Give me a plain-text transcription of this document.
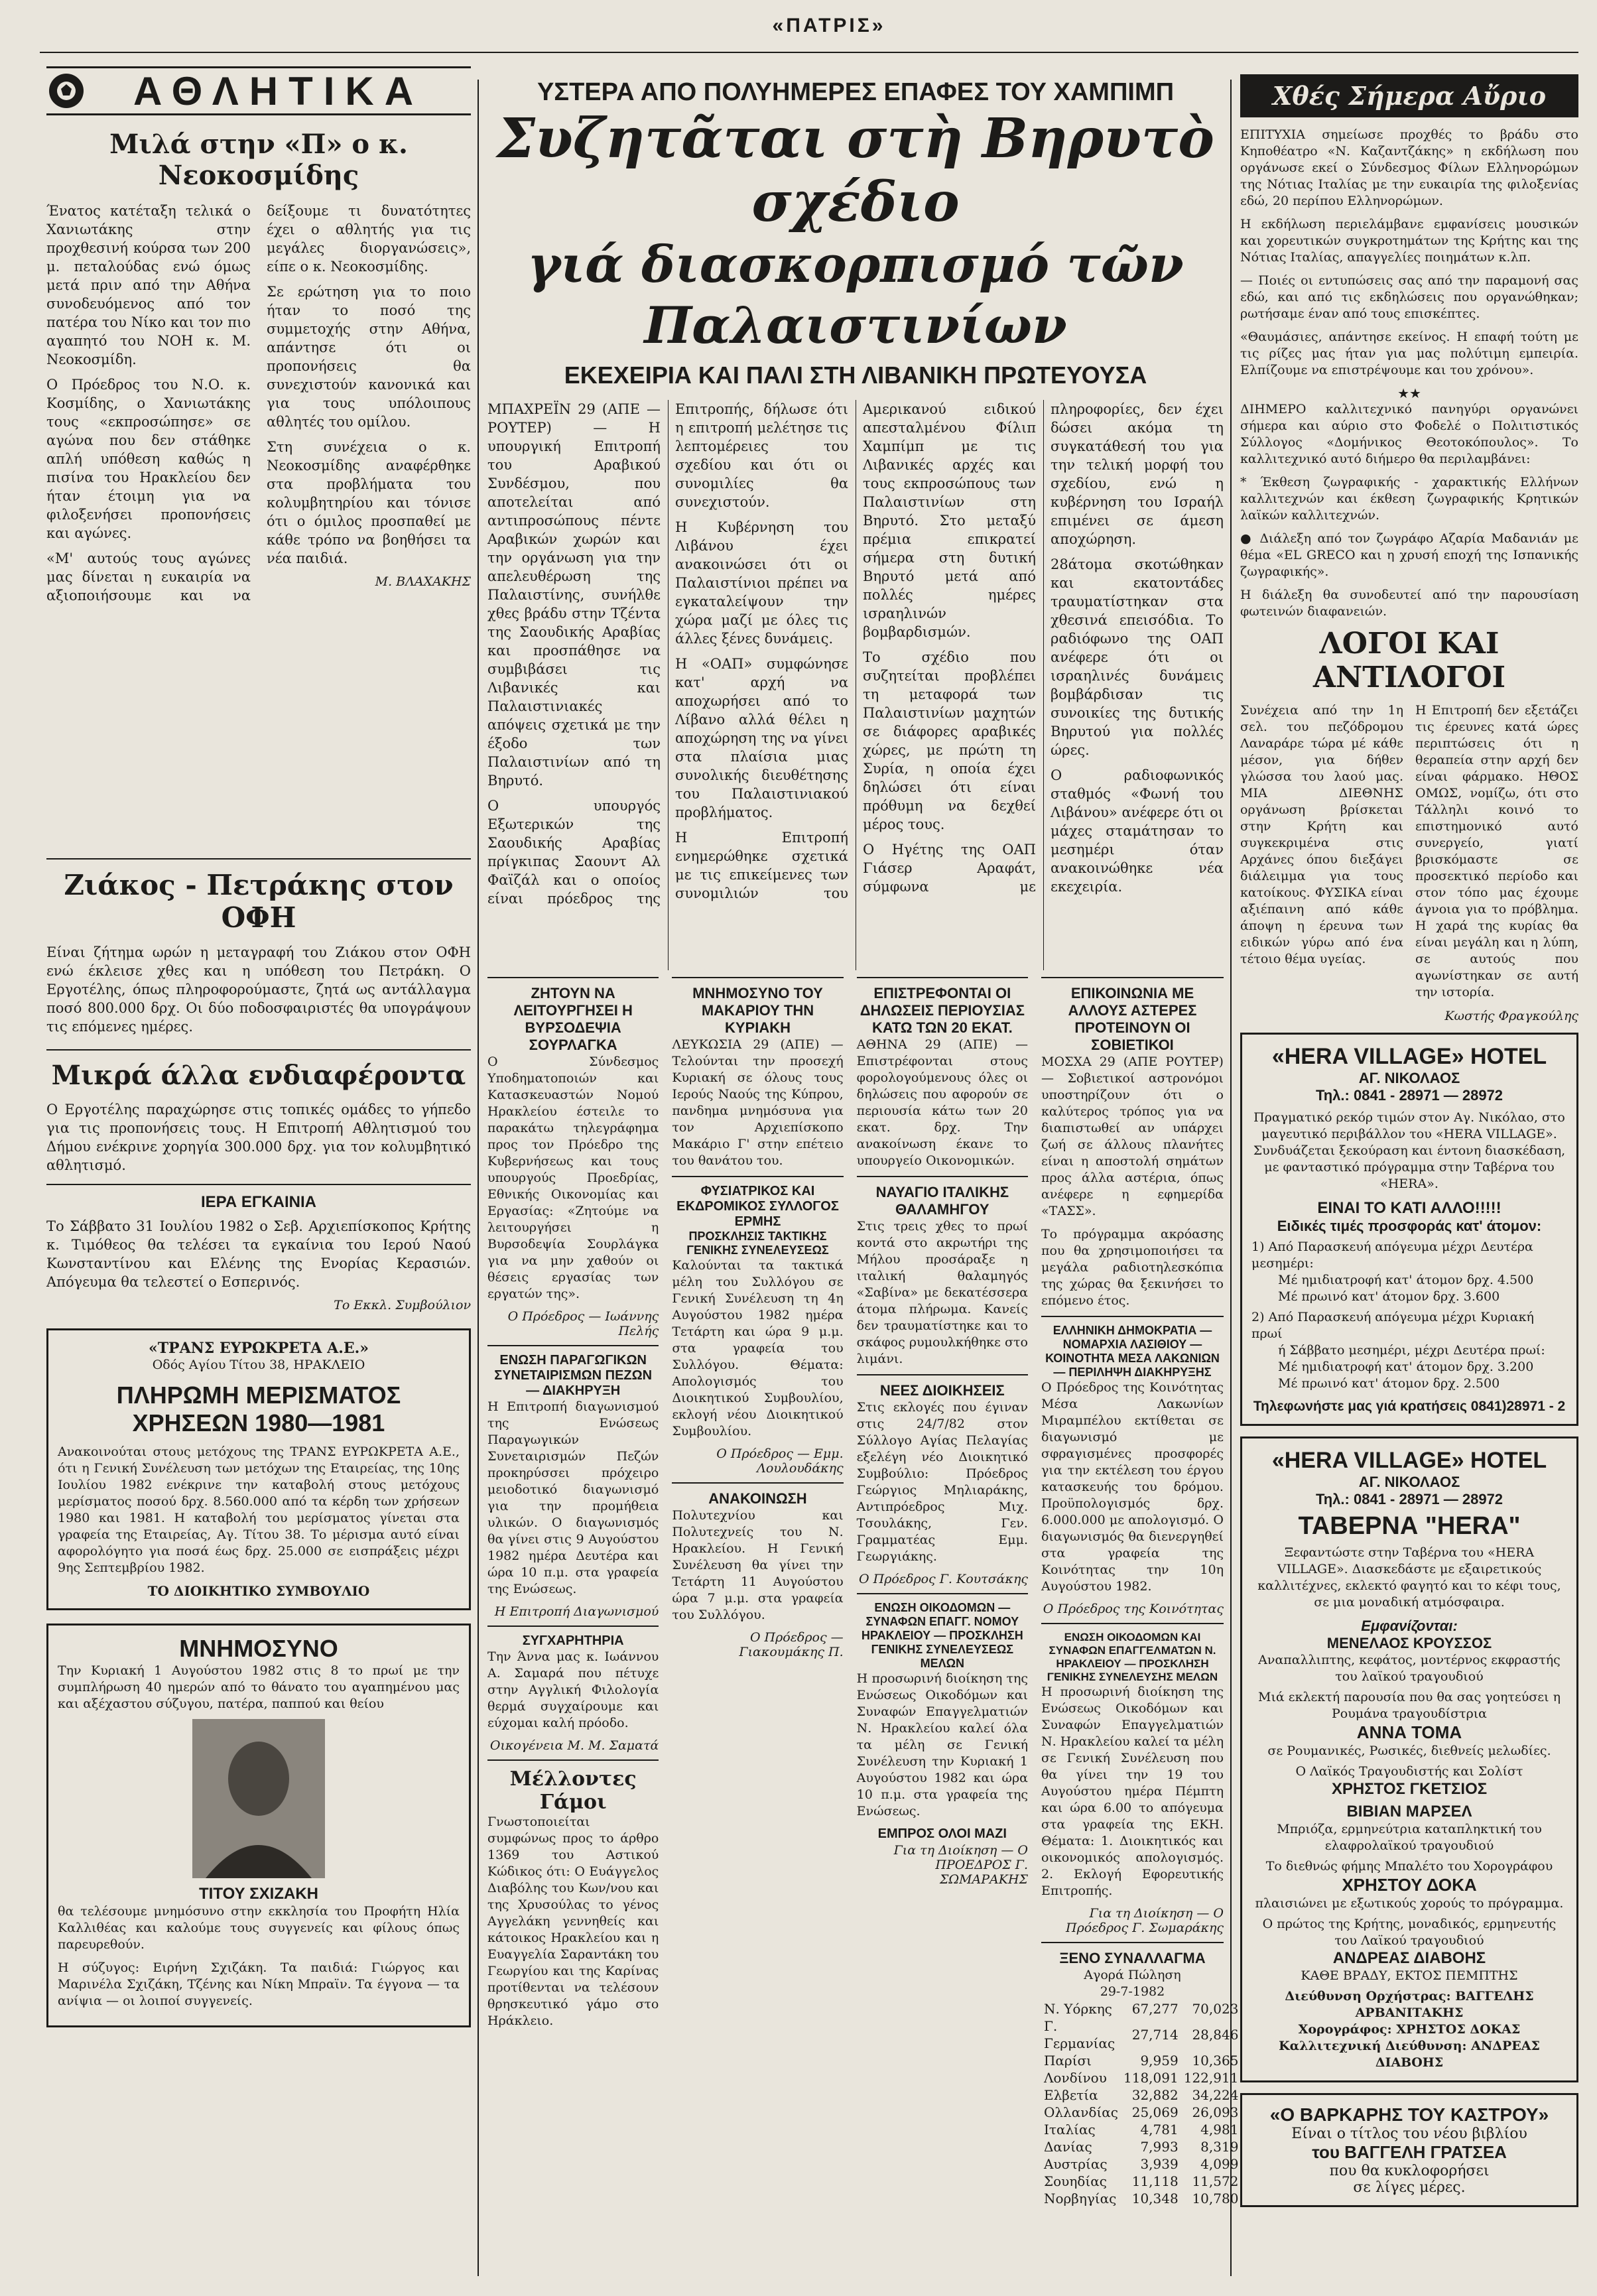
«ΠΑΤΡΙΣ»
ΑΘΛΗΤΙΚΑ
Μιλά στην «Π» ο κ. Νεοκοσμίδης

Ένατος κατέταξη τελικά ο Χανιωτάκης στην προχθεσινή κούρσα των 200 μ. πεταλούδας ενώ όμως μετά πριν από την Αθήνα συνοδευόμενος από τον πατέρα του Νίκο και τον πιο αγαπητό του ΝΟΗ κ. Μ. Νεοκοσμίδη.

Ο Πρόεδρος του Ν.Ο. κ. Κοσμίδης, ο Χανιωτάκης τους «εκπροσώπησε» σε αγώνα που δεν στάθηκε απλή υπόθεση καθώς η πισίνα του Ηρακλείου δεν ήταν έτοιμη για να φιλοξενήσει προπονήσεις και αγώνες.

«Μ' αυτούς τους αγώνες μας δίνεται η ευκαιρία να αξιοποιήσουμε και να δείξουμε τι δυνατότητες έχει ο αθλητής για τις μεγάλες διοργανώσεις», είπε ο κ. Νεοκοσμίδης.

Σε ερώτηση για το ποιο ήταν το ποσό της συμμετοχής στην Αθήνα, απάντησε ότι οι προπονήσεις θα συνεχιστούν κανονικά και για τους υπόλοιπους αθλητές του ομίλου.

Στη συνέχεια ο κ. Νεοκοσμίδης αναφέρθηκε στα προβλήματα του κολυμβητηρίου και τόνισε ότι ο όμιλος προσπαθεί με κάθε τρόπο να βοηθήσει τα νέα παιδιά.

Μ. ΒΛΑΧΑΚΗΣ
Ζιάκος - Πετράκης στον ΟΦΗ

Είναι ζήτημα ωρών η μεταγραφή του Ζιάκου στον ΟΦΗ ενώ έκλεισε χθες και η υπόθεση του Πετράκη. Ο Εργοτέλης, όπως πληροφορούμαστε, ζητά ως αντάλλαγμα ποσό 800.000 δρχ. Οι δύο ποδοσφαιριστές θα υπογράψουν τις επόμενες ημέρες.

Μικρά άλλα ενδιαφέροντα

Ο Εργοτέλης παραχώρησε στις τοπικές ομάδες το γήπεδο για τις προπονήσεις τους. Η Επιτροπή Αθλητισμού του Δήμου ενέκρινε χορηγία 300.000 δρχ. για τον κολυμβητικό αθλητισμό.

ΙΕΡΑ ΕΓΚΑΙΝΙΑ

Το Σάββατο 31 Ιουλίου 1982 ο Σεβ. Αρχιεπίσκοπος Κρήτης κ. Τιμόθεος θα τελέσει τα εγκαίνια του Ιερού Ναού Κωνσταντίνου και Ελένης της Ενορίας Κερασιών. Απόγευμα θα τελεστεί ο Εσπερινός.

Το Εκκλ. Συμβούλιον
«ΤΡΑΝΣ ΕΥΡΩΚΡΕΤΑ Α.Ε.»
Οδός Αγίου Τίτου 38, ΗΡΑΚΛΕΙΟ
ΠΛΗΡΩΜΗ ΜΕΡΙΣΜΑΤΟΣ
ΧΡΗΣΕΩΝ 1980—1981

Ανακοινούται στους μετόχους της ΤΡΑΝΣ ΕΥΡΩΚΡΕΤΑ Α.Ε., ότι η Γενική Συνέλευση των μετόχων της Εταιρείας, της 10ης Ιουλίου 1982 ενέκρινε την καταβολή στους μετόχους μερίσματος ποσού δρχ. 8.560.000 από τα κέρδη των χρήσεων 1980 και 1981. Η καταβολή του μερίσματος γίνεται στα γραφεία της Εταιρείας, Αγ. Τίτου 38. Το μέρισμα αυτό είναι αφορολόγητο για ποσά έως δρχ. 25.000 σε εισπράξεις μέχρι 9ης Σεπτεμβρίου 1982.

ΤΟ ΔΙΟΙΚΗΤΙΚΟ ΣΥΜΒΟΥΛΙΟ
ΜΝΗΜΟΣΥΝΟ

Την Κυριακή 1 Αυγούστου 1982 στις 8 το πρωί με την συμπλήρωση 40 ημερών από το θάνατο του αγαπημένου μας και αξέχαστου σύζυγου, πατέρα, παππού και θείου

ΤΙΤΟΥ ΣΧΙΖΑΚΗ

θα τελέσουμε μνημόσυνο στην εκκλησία του Προφήτη Ηλία Καλλιθέας και καλούμε τους συγγενείς και φίλους όπως παρευρεθούν.

Η σύζυγος: Ειρήνη Σχιζάκη. Τα παιδιά: Γιώργος και Μαρινέλα Σχιζάκη, Τζένης και Νίκη Μπραϊν. Τα έγγονα — τα ανίψια — οι λοιποί συγγενείς.

ΥΣΤΕΡΑ ΑΠΟ ΠΟΛΥΗΜΕΡΕΣ ΕΠΑΦΕΣ ΤΟΥ ΧΑΜΠΙΜΠ
Συζητᾶται στὴ Βηρυτὸ σχέδιο
γιά διασκορπισμό τῶν Παλαιστινίων
ΕΚΕΧΕΙΡΙΑ ΚΑΙ ΠΑΛΙ ΣΤΗ ΛΙΒΑΝΙΚΗ ΠΡΩΤΕΥΟΥΣΑ

ΜΠΑΧΡΕΪΝ 29 (ΑΠΕ — ΡΟΥΤΕΡ) — Η υπουργική Επιτροπή του Αραβικού Συνδέσμου, που αποτελείται από αντιπροσώπους πέντε Αραβικών χωρών και την οργάνωση για την απελευθέρωση της Παλαιστίνης, συνήλθε χθες βράδυ στην Τζέντα της Σαουδικής Αραβίας και προσπάθησε να συμβιβάσει τις Λιβανικές και Παλαιστινιακές απόψεις σχετικά με την έξοδο των Παλαιστινίων από τη Βηρυτό.

Ο υπουργός Εξωτερικών της Σαουδικής Αραβίας πρίγκιπας Σαουντ Αλ Φαϊζάλ και ο οποίος είναι πρόεδρος της Επιτροπής, δήλωσε ότι η επιτροπή μελέτησε τις λεπτομέρειες του σχεδίου και ότι οι συνομιλίες θα συνεχιστούν.

Η Κυβέρνηση του Λιβάνου έχει ανακοινώσει ότι οι Παλαιστίνιοι πρέπει να εγκαταλείψουν την χώρα μαζί με όλες τις άλλες ξένες δυνάμεις.

Η «ΟΑΠ» συμφώνησε κατ' αρχή να αποχωρήσει από το Λίβανο αλλά θέλει η αποχώρηση της να γίνει στα πλαίσια μιας συνολικής διευθέτησης του Παλαιστινιακού προβλήματος.

Η Επιτροπή ενημερώθηκε σχετικά με τις επικείμενες των συνομιλιών του Αμερικανού ειδικού απεσταλμένου Φίλιπ Χαμπίμπ με τις Λιβανικές αρχές και τους εκπροσώπους των Παλαιστινίων στη Βηρυτό. Στο μεταξύ πρέμια επικρατεί σήμερα στη δυτική Βηρυτό μετά από πολλές ημέρες ισραηλινών βομβαρδισμών.

Το σχέδιο που συζητείται προβλέπει τη μεταφορά των Παλαιστινίων μαχητών σε διάφορες αραβικές χώρες, με πρώτη τη Συρία, η οποία έχει δηλώσει ότι είναι πρόθυμη να δεχθεί μέρος τους.

Ο Ηγέτης της ΟΑΠ Γιάσερ Αραφάτ, σύμφωνα με πληροφορίες, δεν έχει δώσει ακόμα τη συγκατάθεσή του για την τελική μορφή του σχεδίου, ενώ η κυβέρνηση του Ισραήλ επιμένει σε άμεση αποχώρηση.

28άτομα σκοτώθηκαν και εκατοντάδες τραυματίστηκαν στα χθεσινά επεισόδια. Το ραδιόφωνο της ΟΑΠ ανέφερε ότι οι ισραηλινές δυνάμεις βομβάρδισαν τις συνοικίες της δυτικής Βηρυτού για πολλές ώρες.

Ο ραδιοφωνικός σταθμός «Φωνή του Λιβάνου» ανέφερε ότι οι μάχες σταμάτησαν το μεσημέρι όταν ανακοινώθηκε νέα εκεχειρία.

ΖΗΤΟΥΝ ΝΑ ΛΕΙΤΟΥΡΓΗΣΕΙ Η ΒΥΡΣΟΔΕΨΙΑ ΣΟΥΡΛΑΓΚΑ

Ο Σύνδεσμος Υποδηματοποιών και Κατασκευαστών Νομού Ηρακλείου έστειλε το παρακάτω τηλεγράφημα προς τον Πρόεδρο της Κυβερνήσεως και τους υπουργούς Προεδρίας, Εθνικής Οικονομίας και Εργασίας: «Ζητούμε να λειτουργήσει η Βυρσοδεψία Σουρλάγκα για να μην χαθούν οι θέσεις εργασίας των εργατών της».

Ο Πρόεδρος — Ιωάννης Πελής
ΕΝΩΣΗ ΠΑΡΑΓΩΓΙΚΩΝ ΣΥΝΕΤΑΙΡΙΣΜΩΝ ΠΕΖΩΝ — ΔΙΑΚΗΡΥΞΗ

Η Επιτροπή διαγωνισμού της Ενώσεως Παραγωγικών Συνεταιρισμών Πεζών προκηρύσσει πρόχειρο μειοδοτικό διαγωνισμό για την προμήθεια υλικών. Ο διαγωνισμός θα γίνει στις 9 Αυγούστου 1982 ημέρα Δευτέρα και ώρα 10 π.μ. στα γραφεία της Ενώσεως.

Η Επιτροπή Διαγωνισμού
ΣΥΓΧΑΡΗΤΗΡΙΑ

Την Άννα μας κ. Ιωάννου Α. Σαμαρά που πέτυχε στην Αγγλική Φιλολογία θερμά συγχαίρουμε και εύχομαι καλή πρόοδο.

Οικογένεια Μ. Μ. Σαματά
Μέλλοντες Γάμοι

Γνωστοποιείται συμφώνως προς το άρθρο 1369 του Αστικού Κώδικος ότι: Ο Ευάγγελος Διαβόλης του Κων/νου και της Χρυσούλας το γένος Αγγελάκη γεννηθείς και κάτοικος Ηρακλείου και η Ευαγγελία Σαραντάκη του Γεωργίου και της Καρίνας προτίθενται να τελέσουν θρησκευτικό γάμο στο Ηράκλειο.

ΜΝΗΜΟΣΥΝΟ ΤΟΥ ΜΑΚΑΡΙΟΥ ΤΗΝ ΚΥΡΙΑΚΗ

ΛΕΥΚΩΣΙΑ 29 (ΑΠΕ) — Τελούνται την προσεχή Κυριακή σε όλους τους Ιερούς Ναούς της Κύπρου, πανδημα μνημόσυνα για τον Αρχιεπίσκοπο Μακάριο Γ' στην επέτειο του θανάτου του.

ΦΥΣΙΑΤΡΙΚΟΣ ΚΑΙ ΕΚΔΡΟΜΙΚΟΣ ΣΥΛΛΟΓΟΣ ΕΡΜΗΣ
ΠΡΟΣΚΛΗΣΙΣ ΤΑΚΤΙΚΗΣ ΓΕΝΙΚΗΣ ΣΥΝΕΛΕΥΣΕΩΣ

Καλούνται τα τακτικά μέλη του Συλλόγου σε Γενική Συνέλευση τη 4η Αυγούστου 1982 ημέρα Τετάρτη και ώρα 9 μ.μ. στα γραφεία του Συλλόγου. Θέματα: Απολογισμός του Διοικητικού Συμβουλίου, εκλογή νέου Διοικητικού Συμβουλίου.

Ο Πρόεδρος — Εμμ. Λουλουδάκης
ΑΝΑΚΟΙΝΩΣΗ

Πολυτεχνίου και Πολυτεχνείς του Ν. Ηρακλείου. Η Γενική Συνέλευση θα γίνει την Τετάρτη 11 Αυγούστου ώρα 7 μ.μ. στα γραφεία του Συλλόγου.

Ο Πρόεδρος — Γιακουμάκης Π.
ΕΠΙΣΤΡΕΦΟΝΤΑΙ ΟΙ ΔΗΛΩΣΕΙΣ ΠΕΡΙΟΥΣΙΑΣ ΚΑΤΩ ΤΩΝ 20 ΕΚΑΤ.

ΑΘΗΝΑ 29 (ΑΠΕ) — Επιστρέφονται στους φορολογούμενους όλες οι δηλώσεις που αφορούν σε περιουσία κάτω των 20 εκατ. δρχ. Την ανακοίνωση έκανε το υπουργείο Οικονομικών.

ΝΑΥΑΓΙΟ ΙΤΑΛΙΚΗΣ ΘΑΛΑΜΗΓΟΥ

Στις τρεις χθες το πρωί κοντά στο ακρωτήρι της Μήλου προσάραξε η ιταλική θαλαμηγός «Σαβίνα» με δεκατέσσερα άτομα πλήρωμα. Κανείς δεν τραυματίστηκε και το σκάφος ρυμουλκήθηκε στο λιμάνι.

ΝΕΕΣ ΔΙΟΙΚΗΣΕΙΣ

Στις εκλογές που έγιναν στις 24/7/82 στον Σύλλογο Αγίας Πελαγίας εξελέγη νέο Διοικητικό Συμβούλιο: Πρόεδρος Γεώργιος Μηλιαράκης, Αντιπρόεδρος Μιχ. Τσουλάκης, Γεν. Γραμματέας Εμμ. Γεωργιάκης.

Ο Πρόεδρος Γ. Κουτσάκης
ΕΝΩΣΗ ΟΙΚΟΔΟΜΩΝ — ΣΥΝΑΦΩΝ ΕΠΑΓΓ. ΝΟΜΟΥ ΗΡΑΚΛΕΙΟΥ — ΠΡΟΣΚΛΗΣΗ ΓΕΝΙΚΗΣ ΣΥΝΕΛΕΥΣΕΩΣ ΜΕΛΩΝ

Η προσωρινή διοίκηση της Ενώσεως Οικοδόμων και Συναφών Επαγγελματιών Ν. Ηρακλείου καλεί όλα τα μέλη σε Γενική Συνέλευση την Κυριακή 1 Αυγούστου 1982 και ώρα 10 π.μ. στα γραφεία της Ενώσεως.

ΕΜΠΡΟΣ ΟΛΟΙ ΜΑΖΙ
Για τη Διοίκηση — Ο ΠΡΟΕΔΡΟΣ Γ. ΣΩΜΑΡΑΚΗΣ
ΕΠΙΚΟΙΝΩΝΙΑ ΜΕ ΑΛΛΟΥΣ ΑΣΤΕΡΕΣ ΠΡΟΤΕΙΝΟΥΝ ΟΙ ΣΟΒΙΕΤΙΚΟΙ

ΜΟΣΧΑ 29 (ΑΠΕ ΡΟΥΤΕΡ) — Σοβιετικοί αστρονόμοι υποστηρίζουν ότι ο καλύτερος τρόπος για να διαπιστωθεί αν υπάρχει ζωή σε άλλους πλανήτες είναι η αποστολή σημάτων προς άλλα αστέρια, όπως ανέφερε η εφημερίδα «ΤΑΣΣ».

Το πρόγραμμα ακρόασης που θα χρησιμοποιήσει τα μεγάλα ραδιοτηλεσκόπια της χώρας θα ξεκινήσει το επόμενο έτος.

ΕΛΛΗΝΙΚΗ ΔΗΜΟΚΡΑΤΙΑ — ΝΟΜΑΡΧΙΑ ΛΑΣΙΘΙΟΥ — ΚΟΙΝΟΤΗΤΑ ΜΕΣΑ ΛΑΚΩΝΙΩΝ — ΠΕΡΙΛΗΨΗ ΔΙΑΚΗΡΥΞΗΣ

Ο Πρόεδρος της Κοινότητας Μέσα Λακωνίων Μιραμπέλου εκτίθεται σε διαγωνισμό με σφραγισμένες προσφορές για την εκτέλεση του έργου κατασκευής του δρόμου. Προϋπολογισμός δρχ. 6.000.000 με απολογισμό. Ο διαγωνισμός θα διενεργηθεί στα γραφεία της Κοινότητας την 10η Αυγούστου 1982.

Ο Πρόεδρος της Κοινότητας
ΕΝΩΣΗ ΟΙΚΟΔΟΜΩΝ ΚΑΙ ΣΥΝΑΦΩΝ ΕΠΑΓΓΕΛΜΑΤΩΝ Ν. ΗΡΑΚΛΕΙΟΥ — ΠΡΟΣΚΛΗΣΗ ΓΕΝΙΚΗΣ ΣΥΝΕΛΕΥΣΗΣ ΜΕΛΩΝ

Η προσωρινή διοίκηση της Ενώσεως Οικοδόμων και Συναφών Επαγγελματιών Ν. Ηρακλείου καλεί τα μέλη σε Γενική Συνέλευση που θα γίνει την 19 του Αυγούστου ημέρα Πέμπτη και ώρα 6.00 το απόγευμα στα γραφεία της ΕΚΗ. Θέματα: 1. Διοικητικός και οικονομικός απολογισμός. 2. Εκλογή Εφορευτικής Επιτροπής.

Για τη Διοίκηση — Ο Πρόεδρος Γ. Σωμαράκης
ΞΕΝΟ ΣΥΝΑΛΛΑΓΜΑ
Αγορά Πώληση
29-7-1982
Ν. Υόρκης	67,277	70,023
Γ. Γερμανίας	27,714	28,846
Παρίσι	9,959	10,365
Λονδίνου	118,091	122,911
Ελβετία	32,882	34,224
Ολλανδίας	25,069	26,093
Ιταλίας	4,781	4,981
Δανίας	7,993	8,319
Αυστρίας	3,939	4,099
Σουηδίας	11,118	11,572
Νορβηγίας	10,348	10,780
Χθές Σήμερα Αὔριο

ΕΠΙΤΥΧΙΑ σημείωσε προχθές το βράδυ στο Κηποθέατρο «Ν. Καζαντζάκης» η εκδήλωση που οργάνωσε εκεί ο Σύνδεσμος Φίλων Ελληνορώμων της Νότιας Ιταλίας με την ευκαιρία της φιλοξενίας εδώ, 20 περίπου Ελληνορώμων.

Η εκδήλωση περιελάμβανε εμφανίσεις μουσικών και χορευτικών συγκροτημάτων της Κρήτης και της Νότιας Ιταλίας, απαγγελίες ποιημάτων κ.λπ.

— Ποιές οι εντυπώσεις σας από την παραμονή σας εδώ, και από τις εκδηλώσεις που οργανώθηκαν; ρωτήσαμε έναν από τους επισκέπτες.

«Θαυμάσιες, απάντησε εκείνος. Η επαφή τούτη με τις ρίζες μας ήταν για μας πολύτιμη εμπειρία. Ελπίζουμε να επιστρέψουμε και του χρόνου».

★★

ΔΙΗΜΕΡΟ καλλιτεχνικό πανηγύρι οργανώνει σήμερα και αύριο στο Φοδελέ ο Πολιτιστικός Σύλλογος «Δομήνικος Θεοτοκόπουλος». Το καλλιτεχνικό αυτό διήμερο θα περιλαμβάνει:

* Έκθεση ζωγραφικής - χαρακτικής Ελλήνων καλλιτεχνών και έκθεση ζωγραφικής Κρητικών λαϊκών καλλιτεχνών.

● Διάλεξη από τον ζωγράφο Αζαρία Μαδανιάν με θέμα «EL GRECO και η χρυσή εποχή της Ισπανικής ζωγραφικής».

Η διάλεξη θα συνοδευτεί από την παρουσίαση φωτεινών διαφανειών.

ΛΟΓΟΙ ΚΑΙ ΑΝΤΙΛΟΓΟΙ

Συνέχεια από την 1η σελ. του πεζόδρομου Λαναράρε τώρα μέ κάθε μέσον, για δήθεν γλώσσα του λαού μας. ΜΙΑ ΔΙΕΘΝΗΣ οργάνωση βρίσκεται στην Κρήτη και συγκεκριμένα στις Αρχάνες όπου διεξάγει διάλειμμα για τους κατοίκους. ΦΥΣΙΚΑ είναι αξιέπαινη από κάθε άποψη η έρευνα των ειδικών γύρω από ένα τέτοιο θέμα υγείας.

Η Επιτροπή δεν εξετάζει τις έρευνες κατά ώρες περιπτώσεις ότι η θεραπεία στην αρχή δεν είναι φάρμακο. ΗΘΟΣ ΟΜΩΣ, νομίζω, ότι στο Τάλληλι κοινό το επιστημονικό αυτό συνεργείο, γιατί βρισκόμαστε σε προσεκτικό περίοδο και στον τόπο μας έχουμε άγνοια για το πρόβλημα. Η χαρά της κυρίας θα είναι μεγάλη και η λύπη, σε αυτούς που αγωνίστηκαν σε αυτή την ιστορία.

Κωστής Φραγκούλης
«HERA VILLAGE» HOTEL
ΑΓ. ΝΙΚΟΛΑΟΣ
Τηλ.: 0841 - 28971 — 28972

Πραγματικό ρεκόρ τιμών στον Αγ. Νικόλαο, στο μαγευτικό περιβάλλον του «HERA VILLAGE». Συνδυάζεται ξεκούραση και έντονη διασκέδαση, με φανταστικό πρόγραμμα στην Ταβέρνα του «HERA».

ΕΙΝΑΙ ΤΟ ΚΑΤΙ ΑΛΛΟ!!!!!
Ειδικές τιμές προσφοράς κατ' άτομον:
1) Από Παρασκευή απόγευμα μέχρι Δευτέρα μεσημέρι:
Μέ ημιδιατροφή κατ' άτομον δρχ. 4.500
Μέ πρωινό κατ' άτομον δρχ. 3.600
2) Από Παρασκευή απόγευμα μέχρι Κυριακή πρωί
ή Σάββατο μεσημέρι, μέχρι Δευτέρα πρωί:
Μέ ημιδιατροφή κατ' άτομον δρχ. 3.200
Μέ πρωινό κατ' άτομον δρχ. 2.500
Τηλεφωνήστε μας γιά κρατήσεις 0841)28971 - 2
«HERA VILLAGE» HOTEL
ΑΓ. ΝΙΚΟΛΑΟΣ
Τηλ.: 0841 - 28971 — 28972
ΤΑΒΕΡΝΑ "ΗΕRΑ"

Ξεφαντώστε στην Ταβέρνα του «HERA VILLAGE». Διασκεδάστε με εξαιρετικούς καλλιτέχνες, εκλεκτό φαγητό και το κέφι τους, σε μια μοναδική ατμόσφαιρα.

Εμφανίζονται:
ΜΕΝΕΛΑΟΣ ΚΡΟΥΣΣΟΣ
Αναπαλλιπτης, κεφάτος, μοντέρνος εκφραστής του λαϊκού τραγουδιού
Μιά εκλεκτή παρουσία που θα σας γοητεύσει η Ρουμάνα τραγουδίστρια
ΑΝΝΑ ΤΟΜΑ
σε Ρουμανικές, Ρωσικές, διεθνείς μελωδίες.
Ο Λαϊκός Τραγουδιστής και Σολίστ
ΧΡΗΣΤΟΣ ΓΚΕΤΣΙΟΣ
ΒΙΒΙΑΝ ΜΑΡΣΕΛ
Μπριόζα, ερμηνεύτρια καταπληκτική του ελαφρολαϊκού τραγουδιού
Το διεθνώς φήμης Μπαλέτο του Χορογράφου
ΧΡΗΣΤΟΥ ΔΟΚΑ
πλαισιώνει με εξωτικούς χορούς το πρόγραμμα.
Ο πρώτος της Κρήτης, μοναδικός, ερμηνευτής του Λαϊκού τραγουδιού
ΑΝΔΡΕΑΣ ΔΙΑΒΟΗΣ
ΚΑΘΕ ΒΡΑΔΥ, ΕΚΤΟΣ ΠΕΜΠΤΗΣ
Διεύθυνση Ορχήστρας: ΒΑΓΓΕΛΗΣ ΑΡΒΑΝΙΤΑΚΗΣ
Χορογράφος: ΧΡΗΣΤΟΣ ΔΟΚΑΣ
Καλλιτεχνική Διεύθυνση: ΑΝΔΡΕΑΣ ΔΙΑΒΟΗΣ
«Ο ΒΑΡΚΑΡΗΣ ΤΟΥ ΚΑΣΤΡΟΥ»
Είναι ο τίτλος του νέου βιβλίου
του ΒΑΓΓΕΛΗ ΓΡΑΤΣΕΑ
που θα κυκλοφορήσει
σε λίγες μέρες.
